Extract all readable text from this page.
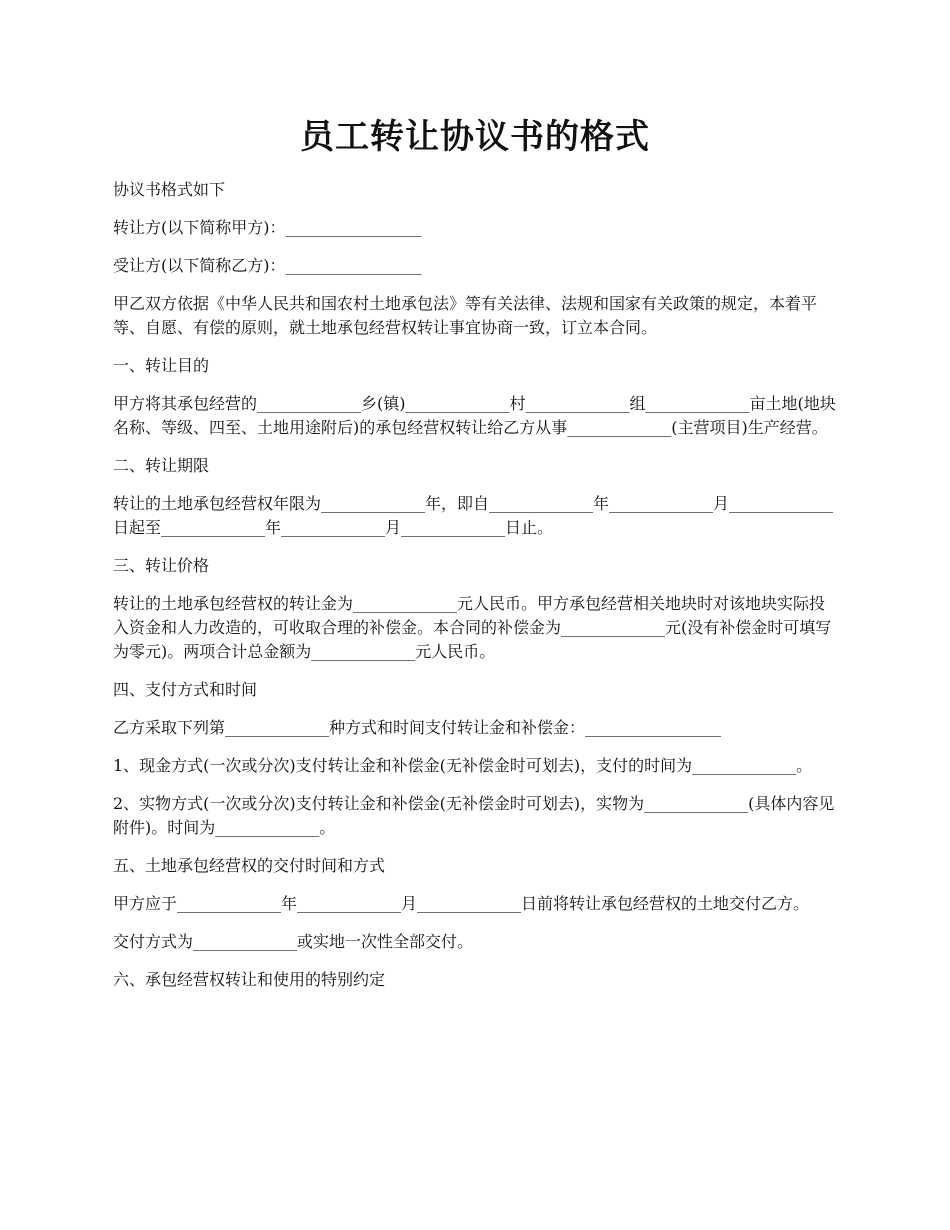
员工转让协议书的格式

协议书格式如下

转让方(以下简称甲方)：_________________

受让方(以下简称乙方)：_________________

甲乙双方依据《中华人民共和国农村土地承包法》等有关法律、法规和国家有关政策的规定，本着平等、自愿、有偿的原则，就土地承包经营权转让事宜协商一致，订立本合同。

一、转让目的

甲方将其承包经营的_____________乡(镇)_____________村_____________组_____________亩土地(地块名称、等级、四至、土地用途附后)的承包经营权转让给乙方从事_____________(主营项目)生产经营。

二、转让期限

转让的土地承包经营权年限为_____________年，即自_____________年_____________月_____________日起至_____________年_____________月_____________日止。

三、转让价格

转让的土地承包经营权的转让金为_____________元人民币。甲方承包经营相关地块时对该地块实际投入资金和人力改造的，可收取合理的补偿金。本合同的补偿金为_____________元(没有补偿金时可填写为零元)。两项合计总金额为_____________元人民币。

四、支付方式和时间

乙方采取下列第_____________种方式和时间支付转让金和补偿金：_________________

1、现金方式(一次或分次)支付转让金和补偿金(无补偿金时可划去)，支付的时间为_____________。

2、实物方式(一次或分次)支付转让金和补偿金(无补偿金时可划去)，实物为_____________(具体内容见附件)。时间为_____________。

五、土地承包经营权的交付时间和方式

甲方应于_____________年_____________月_____________日前将转让承包经营权的土地交付乙方。

交付方式为_____________或实地一次性全部交付。

六、承包经营权转让和使用的特别约定
